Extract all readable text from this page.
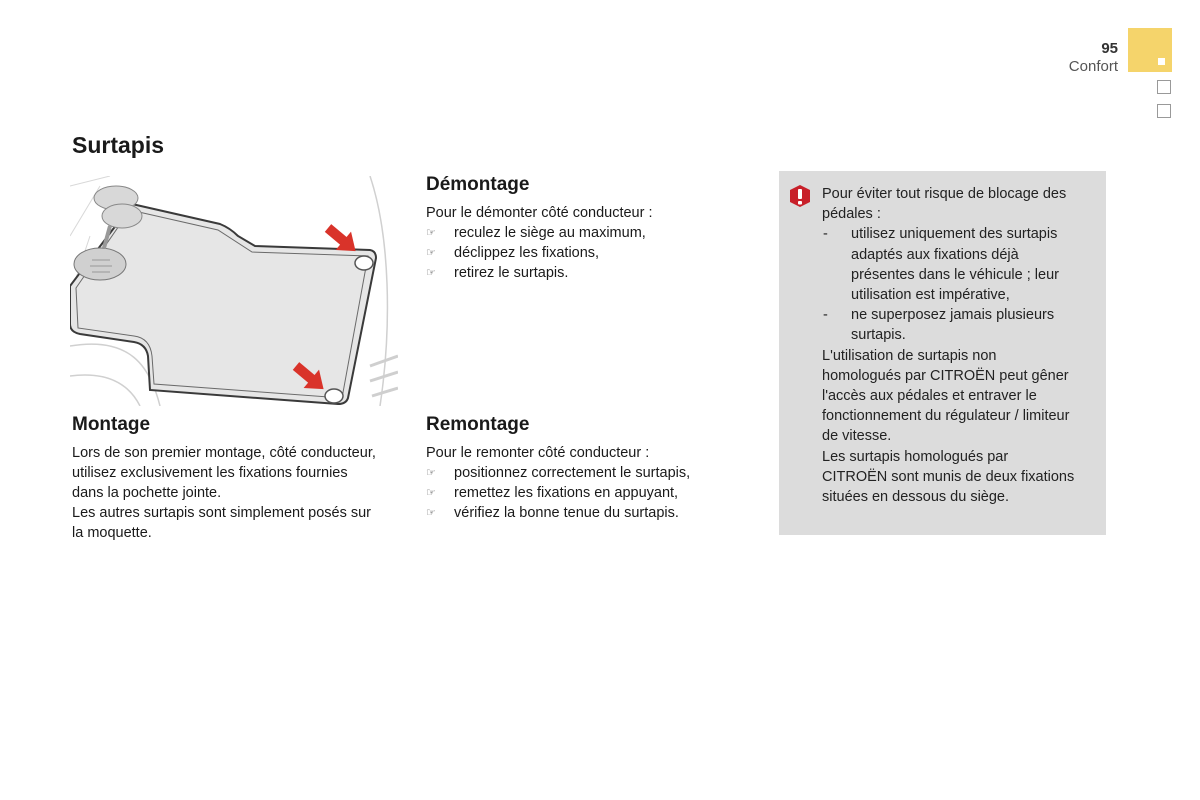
95
Confort
Surtapis
Montage

Lors de son premier montage, côté conducteur,

utilisez exclusivement les fixations fournies

dans la pochette jointe.

Les autres surtapis sont simplement posés sur

la moquette.

Démontage

Pour le démonter côté conducteur :

☞ reculez le siège au maximum,
☞ déclippez les fixations,
☞ retirez le surtapis.
Remontage

Pour le remonter côté conducteur :

☞ positionnez correctement le surtapis,
☞ remettez les fixations en appuyant,
☞ vérifiez la bonne tenue du surtapis.

Pour éviter tout risque de blocage des

pédales :

- utilisez uniquement des surtapis
adaptés aux fixations déjà
présentes dans le véhicule ; leur
utilisation est impérative,
- ne superposez jamais plusieurs
surtapis.

L'utilisation de surtapis non

homologués par CITROËN peut gêner

l'accès aux pédales et entraver le

fonctionnement du régulateur / limiteur

de vitesse.

Les surtapis homologués par

CITROËN sont munis de deux fixations

situées en dessous du siège.
